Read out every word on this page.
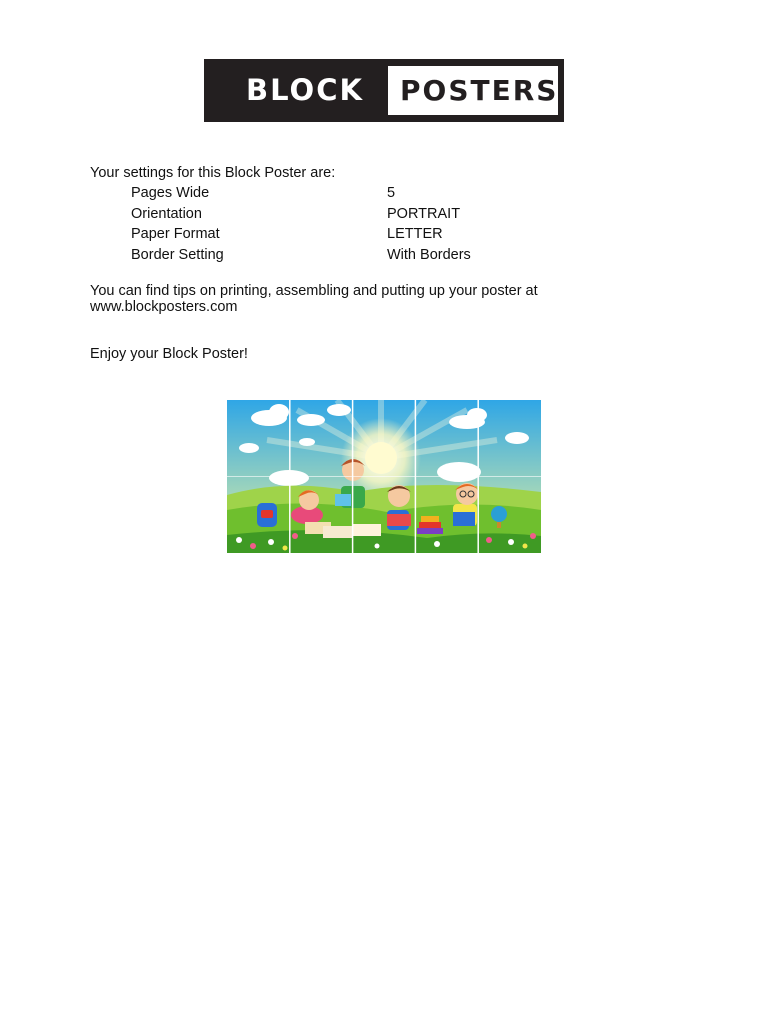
BLOCK POSTERS
Your settings for this Block Poster are:
Pages Wide	5
Orientation	PORTRAIT
Paper Format	LETTER
Border Setting	With Borders
You can find tips on printing, assembling and putting up your poster at www.blockposters.com
Enjoy your Block Poster!
